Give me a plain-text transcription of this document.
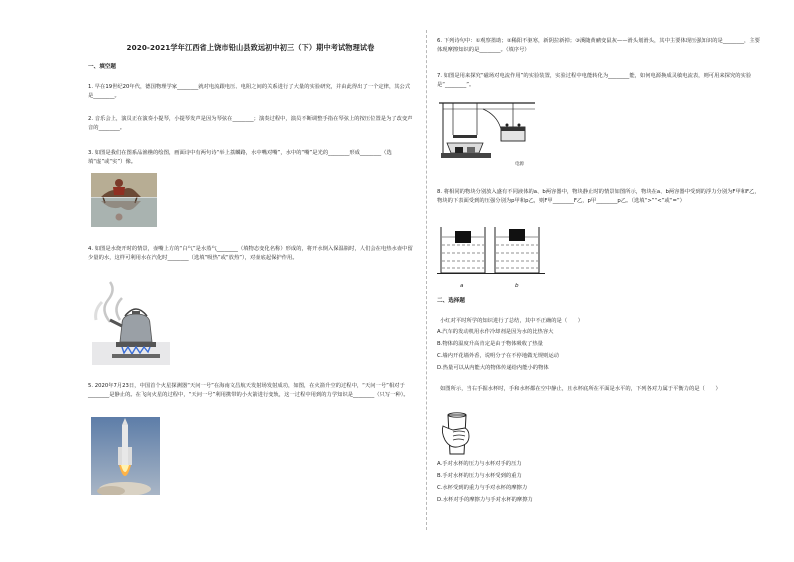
2020-2021学年江西省上饶市铅山县致远初中初三（下）期中考试物理试卷
一、填空题
1. 早在19世纪20年代，德国物理学家________就对电流跟电压、电阻之间的关系进行了大量的实验研究，并由此得出了一个定律，其公式是________。
2. 音乐会上，演员正在演奏小提琴，小提琴发声是因为琴弦在________；演奏过程中，演员不断调整手指在琴弦上的按压位置是为了改变声音的________。
3. 如图是我们在图系品渔樵的绘图，画面诗中有两句诗“举上荔麟路，水中嘴对嘴”，水中的“嘴”是光的________形成________（选填“虚”或“实”）像。
4. 如图是水烧开时的情景，壶嘴上方的“白气”是水蒸气________（填物态变化名称）形成的，将开水倒入保温瓶时，人们会在电热水壶中留少量的水，这样可利用水在汽化时________（选填“吸热”或“放热”），对壶底起保护作用。
5. 2020年7月23日，中国首个火星探测器“天问一号”在海南文昌航天发射场发射成功，如图，在火箭升空的过程中，“天问一号”相对于________是静止的。在飞向火星的过程中，“天问一号”利用携带的小火箭进行变轨，这一过程中用到的力学知识是________（只写一种）。
6. 下列诗句中：①观察墨助；②稀阳不驱寒，新阴拉新掉；③溪随黄鹂变鼠灰——滑头划滑头，其中主要体现压强知识的是________，主要体现摩擦知识的是________。（填序号）
7. 如图是用来探究“磁场对电流作用”的实验装置，实验过程中电能转化为________能，如何电源换成灵敏电流表，则可用来探究的实验是“________”。
电源
8. 将相同的物块分别放入盛有不同液体的a、b两容器中，物块静止时的情景如图所示，物块在a、b两容器中受到的浮力分别为F甲和F乙，物块的下表面受到的压强分别为p甲和p乙，则F甲________F乙，p甲________p乙。（选填“>”“<”或“=”）
a	b
二、选择题
小红对平时所学的知识进行了总结，其中不正确的是（　　）
A.汽车的发动机用水作冷却剂是因为水的比热容大
B.物体的温度升高肯定是由于物体吸收了热量
C.墙内开花墙外香，说明分子在不停地做无规则运动
D.热量可以从内能大的物体传递给内能小的物体
如图所示，当右手握水杯时，手和水杯都在空中静止，且水杯底所在平面是水平的，下列各对力属于平衡力的是（　　）
A.手对水杯的压力与水杯对手的压力
B.手对水杯的压力与水杯受到的重力
C.水杯受到的重力与手对水杯的摩擦力
D.水杯对手的摩擦力与手对水杯的摩擦力
